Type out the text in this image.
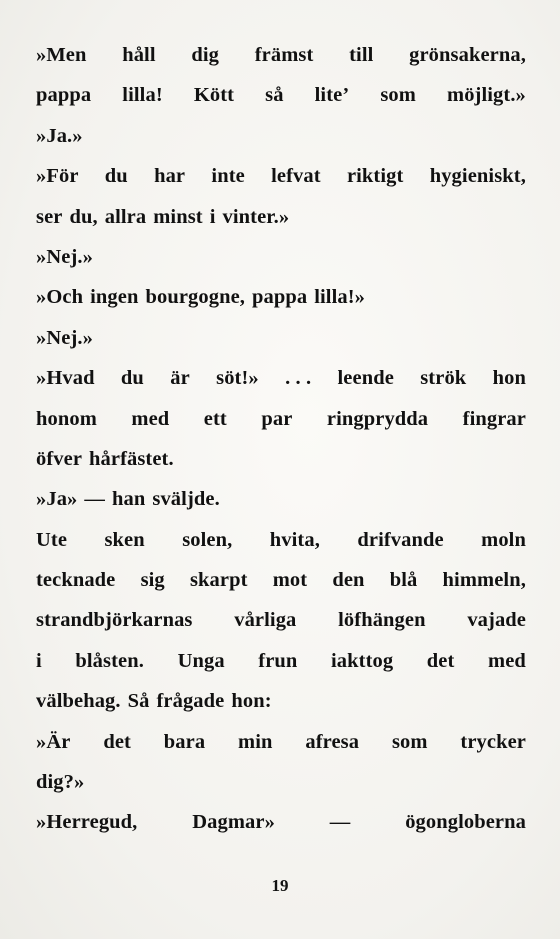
»Men håll dig främst till grönsakerna,
pappa lilla! Kött så lite’ som möjligt.»
»Ja.»
»För du har inte lefvat riktigt hygieniskt,
ser du, allra minst i vinter.»
»Nej.»
»Och ingen bourgogne, pappa lilla!»
»Nej.»
»Hvad du är söt!» . . . leende strök hon
honom med ett par ringprydda fingrar
öfver hårfästet.
»Ja» — han sväljde.
Ute sken solen, hvita, drifvande moln
tecknade sig skarpt mot den blå himmeln,
strandbjörkarnas vårliga löfhängen vajade
i blåsten. Unga frun iakttog det med
välbehag. Så frågade hon:
»Är det bara min afresa som trycker
dig?»
»Herregud,	Dagmar»	—	ögongloberna
19
